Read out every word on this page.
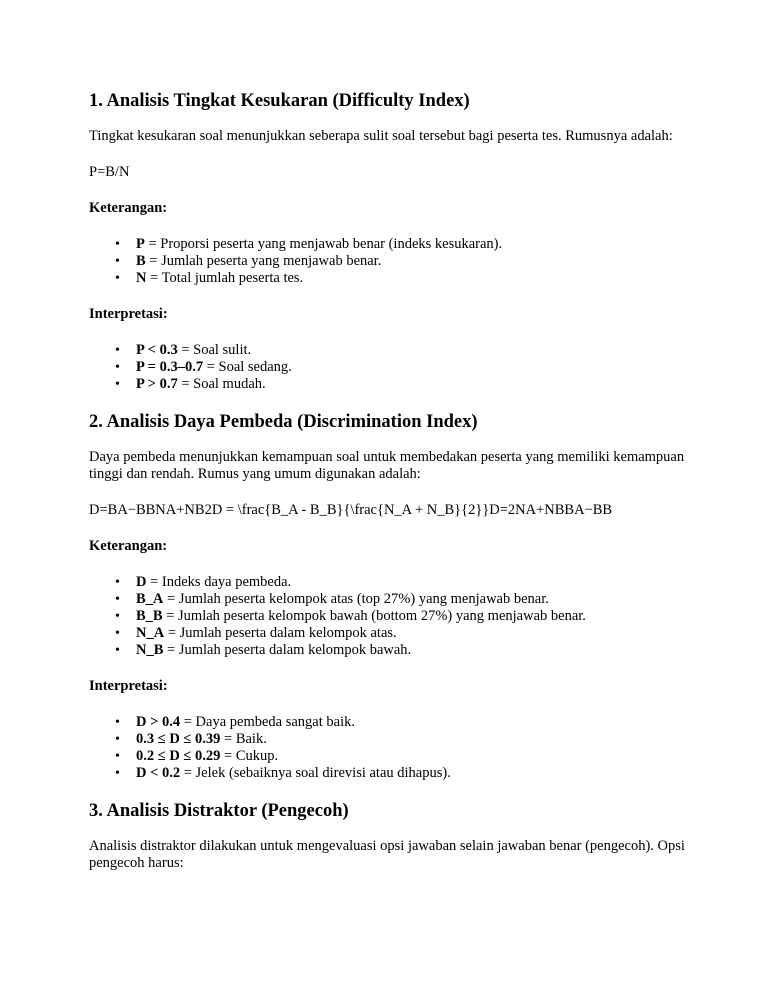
1. Analisis Tingkat Kesukaran (Difficulty Index)

Tingkat kesukaran soal menunjukkan seberapa sulit soal tersebut bagi peserta tes. Rumusnya adalah:

P=B/N

Keterangan:

• P = Proporsi peserta yang menjawab benar (indeks kesukaran).
• B = Jumlah peserta yang menjawab benar.
• N = Total jumlah peserta tes.

Interpretasi:

• P < 0.3 = Soal sulit.
• P = 0.3–0.7 = Soal sedang.
• P > 0.7 = Soal mudah.
2. Analisis Daya Pembeda (Discrimination Index)

Daya pembeda menunjukkan kemampuan soal untuk membedakan peserta yang memiliki kemampuan tinggi dan rendah. Rumus yang umum digunakan adalah:

D=BA−BBNA+NB2D = \frac{B_A - B_B}{\frac{N_A + N_B}{2}}D=2NA​+NB​​BA​−BB​​

Keterangan:

• D = Indeks daya pembeda.
• B_A = Jumlah peserta kelompok atas (top 27%) yang menjawab benar.
• B_B = Jumlah peserta kelompok bawah (bottom 27%) yang menjawab benar.
• N_A = Jumlah peserta dalam kelompok atas.
• N_B = Jumlah peserta dalam kelompok bawah.

Interpretasi:

• D > 0.4 = Daya pembeda sangat baik.
• 0.3 ≤ D ≤ 0.39 = Baik.
• 0.2 ≤ D ≤ 0.29 = Cukup.
• D < 0.2 = Jelek (sebaiknya soal direvisi atau dihapus).
3. Analisis Distraktor (Pengecoh)

Analisis distraktor dilakukan untuk mengevaluasi opsi jawaban selain jawaban benar (pengecoh). Opsi pengecoh harus:
